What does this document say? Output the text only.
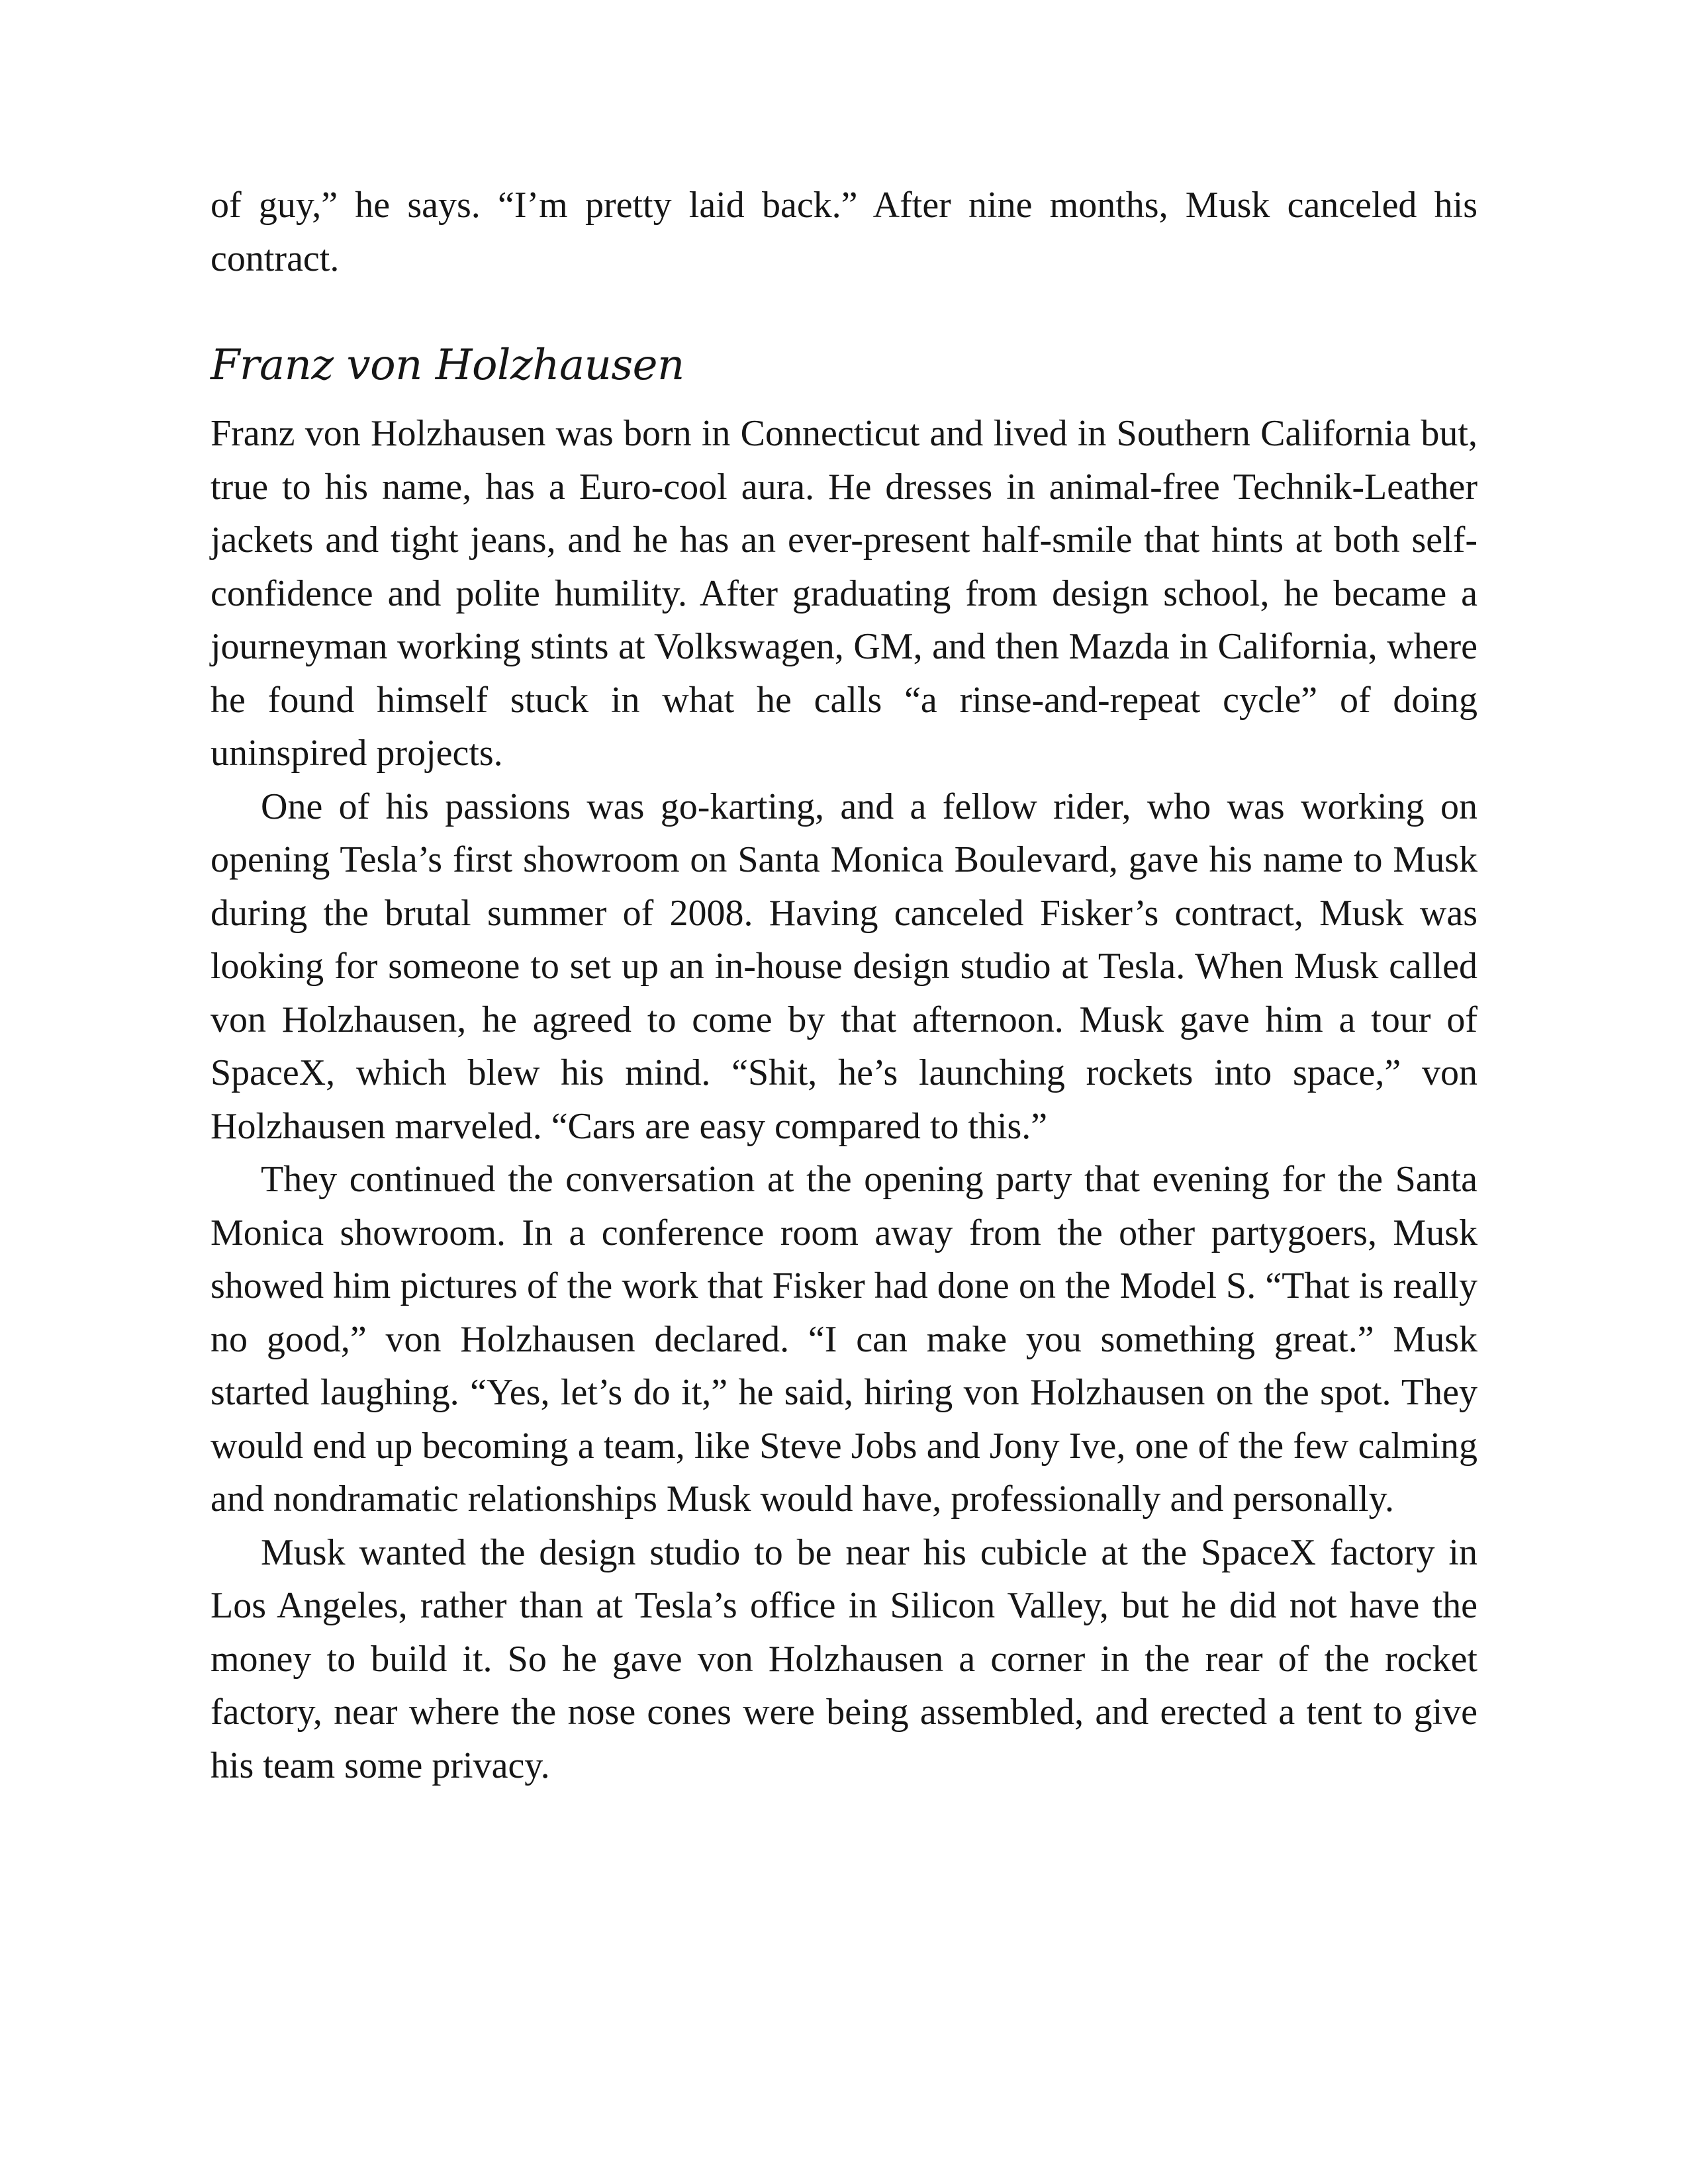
of guy,” he says. “I’m pretty laid back.” After nine months, Musk canceled his contract.

Franz von Holzhausen

Franz von Holzhausen was born in Connecticut and lived in Southern California but, true to his name, has a Euro-cool aura. He dresses in animal-free Technik-Leather jackets and tight jeans, and he has an ever-present half-smile that hints at both self-confidence and polite humility. After graduating from design school, he became a journeyman working stints at Volkswagen, GM, and then Mazda in California, where he found himself stuck in what he calls “a rinse-and-repeat cycle” of doing uninspired projects.

One of his passions was go-karting, and a fellow rider, who was working on opening Tesla’s first showroom on Santa Monica Boulevard, gave his name to Musk during the brutal summer of 2008. Having canceled Fisker’s contract, Musk was looking for someone to set up an in-house design studio at Tesla. When Musk called von Holzhausen, he agreed to come by that afternoon. Musk gave him a tour of SpaceX, which blew his mind. “Shit, he’s launching rockets into space,” von Holzhausen marveled. “Cars are easy compared to this.”

They continued the conversation at the opening party that evening for the Santa Monica showroom. In a conference room away from the other partygoers, Musk showed him pictures of the work that Fisker had done on the Model S. “That is really no good,” von Holzhausen declared. “I can make you something great.” Musk started laughing. “Yes, let’s do it,” he said, hiring von Holzhausen on the spot. They would end up becoming a team, like Steve Jobs and Jony Ive, one of the few calming and nondramatic relationships Musk would have, professionally and personally.

Musk wanted the design studio to be near his cubicle at the SpaceX factory in Los Angeles, rather than at Tesla’s office in Silicon Valley, but he did not have the money to build it. So he gave von Holzhausen a corner in the rear of the rocket factory, near where the nose cones were being assembled, and erected a tent to give his team some privacy.
